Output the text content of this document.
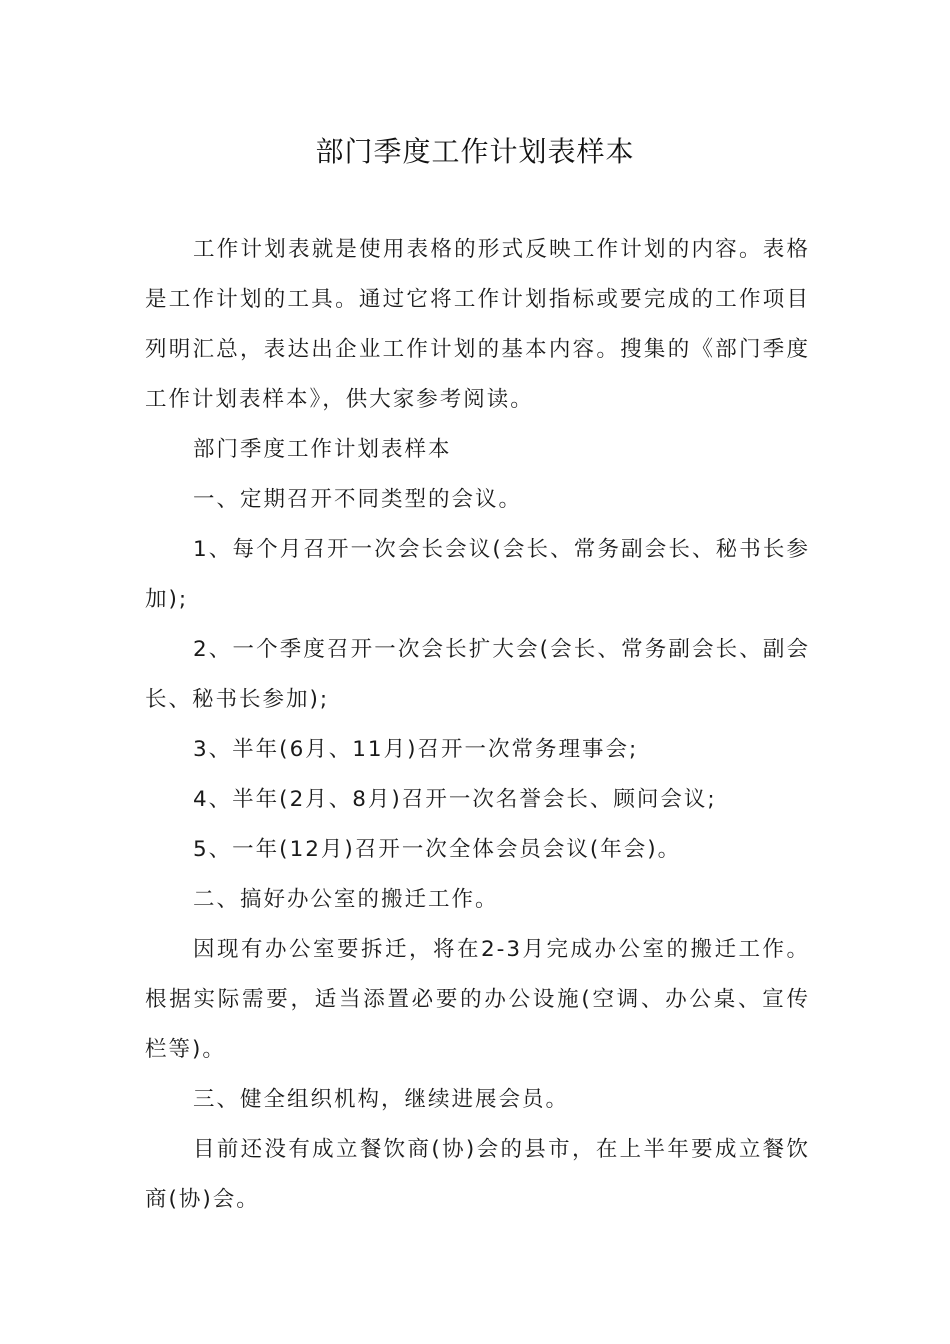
部门季度工作计划表样本

工作计划表就是使用表格的形式反映工作计划的内容。表格是工作计划的工具。通过它将工作计划指标或要完成的工作项目列明汇总，表达出企业工作计划的基本内容。搜集的《部门季度工作计划表样本》，供大家参考阅读。

部门季度工作计划表样本

一、定期召开不同类型的会议。

1、每个月召开一次会长会议(会长、常务副会长、秘书长参加);

2、一个季度召开一次会长扩大会(会长、常务副会长、副会长、秘书长参加);

3、半年(6月、11月)召开一次常务理事会;

4、半年(2月、8月)召开一次名誉会长、顾问会议;

5、一年(12月)召开一次全体会员会议(年会)。

二、搞好办公室的搬迁工作。

因现有办公室要拆迁，将在2-3月完成办公室的搬迁工作。根据实际需要，适当添置必要的办公设施(空调、办公桌、宣传栏等)。

三、健全组织机构，继续进展会员。

目前还没有成立餐饮商(协)会的县市，在上半年要成立餐饮商(协)会。
